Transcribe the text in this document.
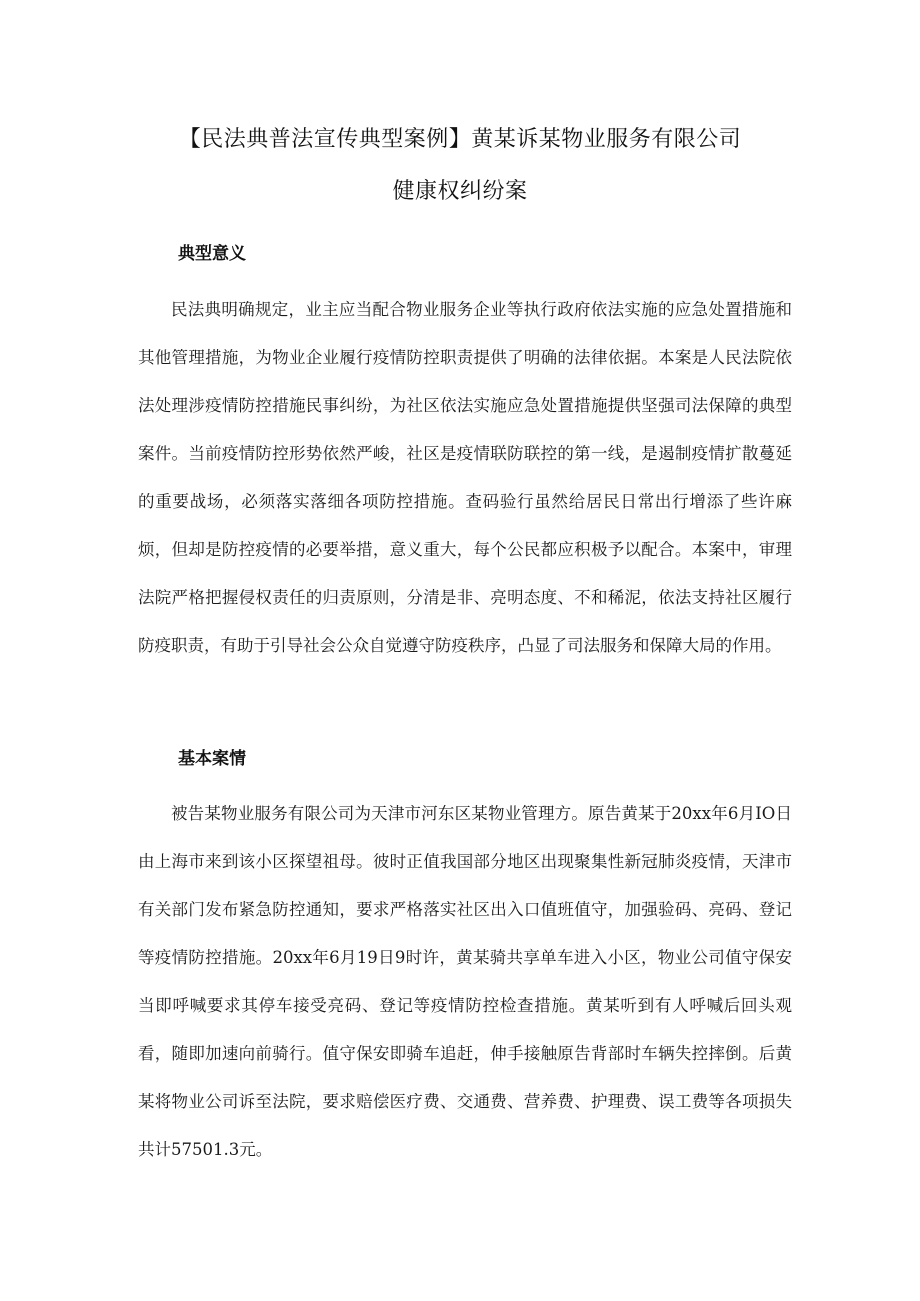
【民法典普法宣传典型案例】黄某诉某物业服务有限公司
健康权纠纷案
典型意义

民法典明确规定，业主应当配合物业服务企业等执行政府依法实施的应急处置措施和其他管理措施，为物业企业履行疫情防控职责提供了明确的法律依据。本案是人民法院依法处理涉疫情防控措施民事纠纷，为社区依法实施应急处置措施提供坚强司法保障的典型案件。当前疫情防控形势依然严峻，社区是疫情联防联控的第一线，是遏制疫情扩散蔓延的重要战场，必须落实落细各项防控措施。查码验行虽然给居民日常出行增添了些许麻烦，但却是防控疫情的必要举措，意义重大，每个公民都应积极予以配合。本案中，审理法院严格把握侵权责任的归责原则，分清是非、亮明态度、不和稀泥，依法支持社区履行防疫职责，有助于引导社会公众自觉遵守防疫秩序，凸显了司法服务和保障大局的作用。

基本案情

被告某物业服务有限公司为天津市河东区某物业管理方。原告黄某于20xx年6月IO日由上海市来到该小区探望祖母。彼时正值我国部分地区出现聚集性新冠肺炎疫情，天津市有关部门发布紧急防控通知，要求严格落实社区出入口值班值守，加强验码、亮码、登记等疫情防控措施。20xx年6月19日9时许，黄某骑共享单车进入小区，物业公司值守保安当即呼喊要求其停车接受亮码、登记等疫情防控检查措施。黄某听到有人呼喊后回头观看，随即加速向前骑行。值守保安即骑车追赶，伸手接触原告背部时车辆失控摔倒。后黄某将物业公司诉至法院，要求赔偿医疗费、交通费、营养费、护理费、误工费等各项损失共计57501.3元。
